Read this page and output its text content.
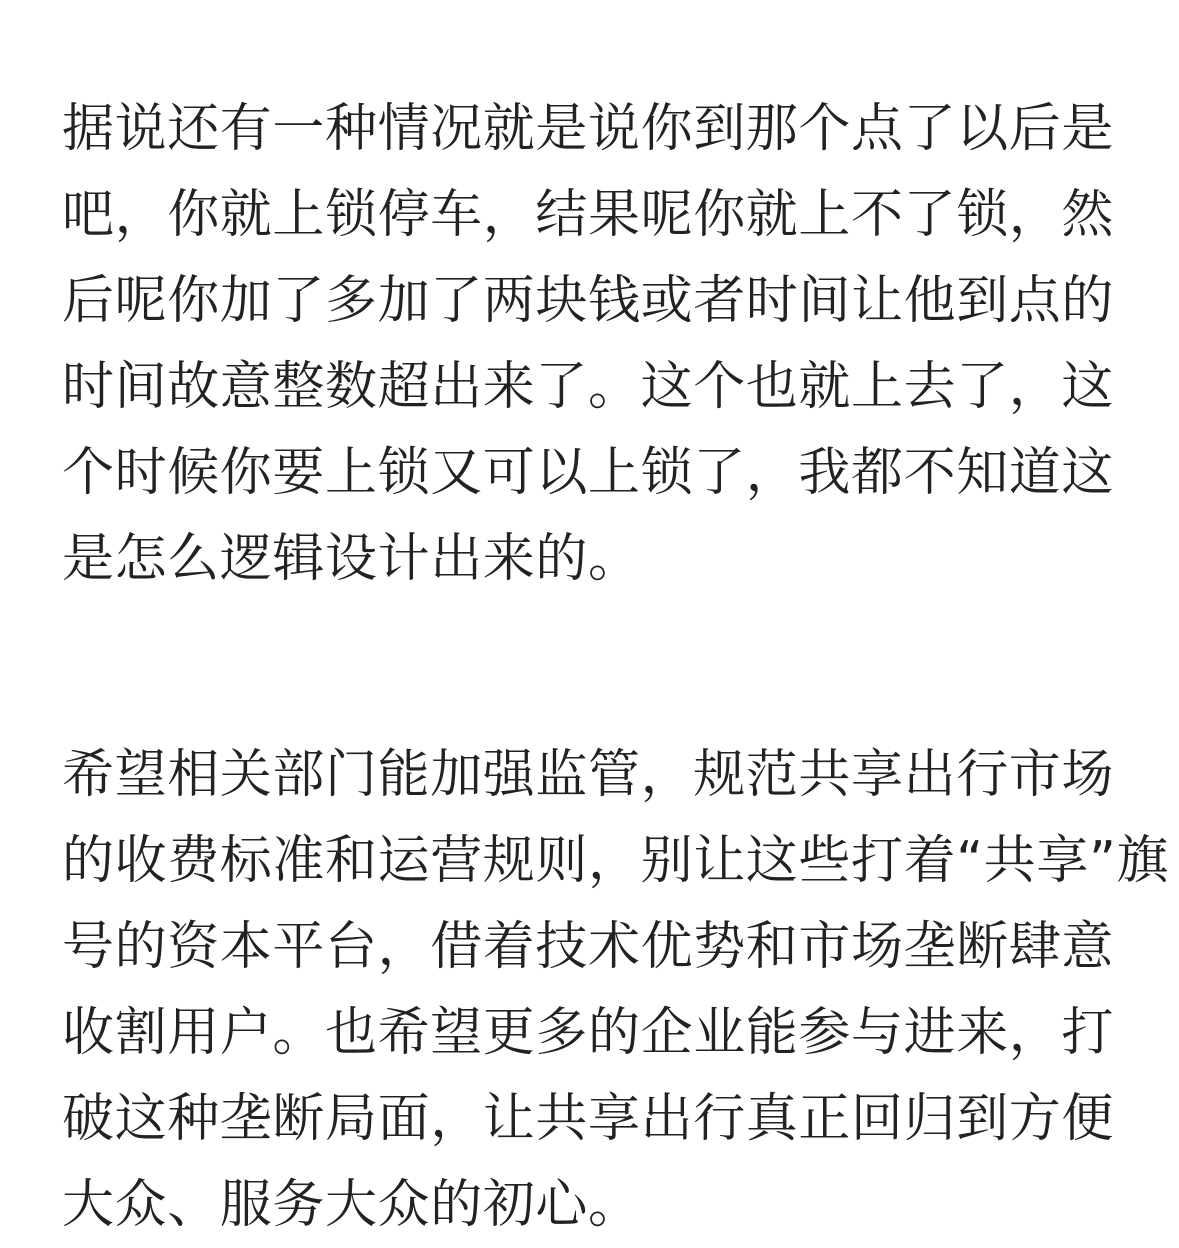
据说还有一种情况就是说你到那个点了以后是
吧，你就上锁停车，结果呢你就上不了锁，然
后呢你加了多加了两块钱或者时间让他到点的
时间故意整数超出来了。这个也就上去了，这
个时候你要上锁又可以上锁了，我都不知道这
是怎么逻辑设计出来的。
希望相关部门能加强监管，规范共享出行市场
的收费标准和运营规则，别让这些打着“共享”旗
号的资本平台，借着技术优势和市场垄断肆意
收割用户。也希望更多的企业能参与进来，打
破这种垄断局面，让共享出行真正回归到方便
大众、服务大众的初心。
